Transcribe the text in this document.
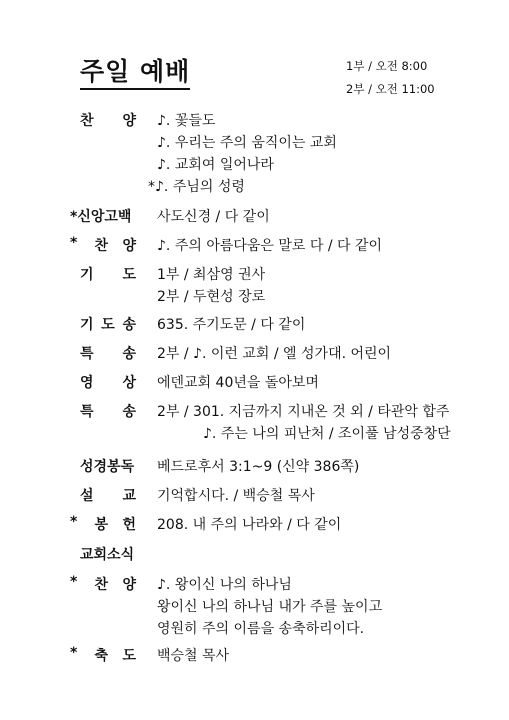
주일 예배	1부 / 오전 8:00
2부 / 오전 11:00
찬 양 ♪. 꽃들도
♪. 우리는 주의 움직이는 교회
♪. 교회여 일어나라
*♪. 주님의 성령
*신앙고백 사도신경 / 다 같이
* 찬 양 ♪. 주의 아름다움은 말로 다 / 다 같이
기 도 1부 / 최삼영 권사
2부 / 두현성 장로
기 도 송 635. 주기도문 / 다 같이
특 송 2부 / ♪. 이런 교회 / 엘 성가대. 어린이
영 상 에덴교회 40년을 돌아보며
특 송 2부 / 301. 지금까지 지내온 것 외 / 타관악 합주
♪. 주는 나의 피난처 / 조이풀 남성중창단
성경봉독 베드로후서 3:1~9 (신약 386쪽)
설 교 기억합시다. / 백승철 목사
* 봉 헌 208. 내 주의 나라와 / 다 같이
교회소식
* 찬 양 ♪. 왕이신 나의 하나님
왕이신 나의 하나님 내가 주를 높이고
영원히 주의 이름을 송축하리이다.
* 축 도 백승철 목사
